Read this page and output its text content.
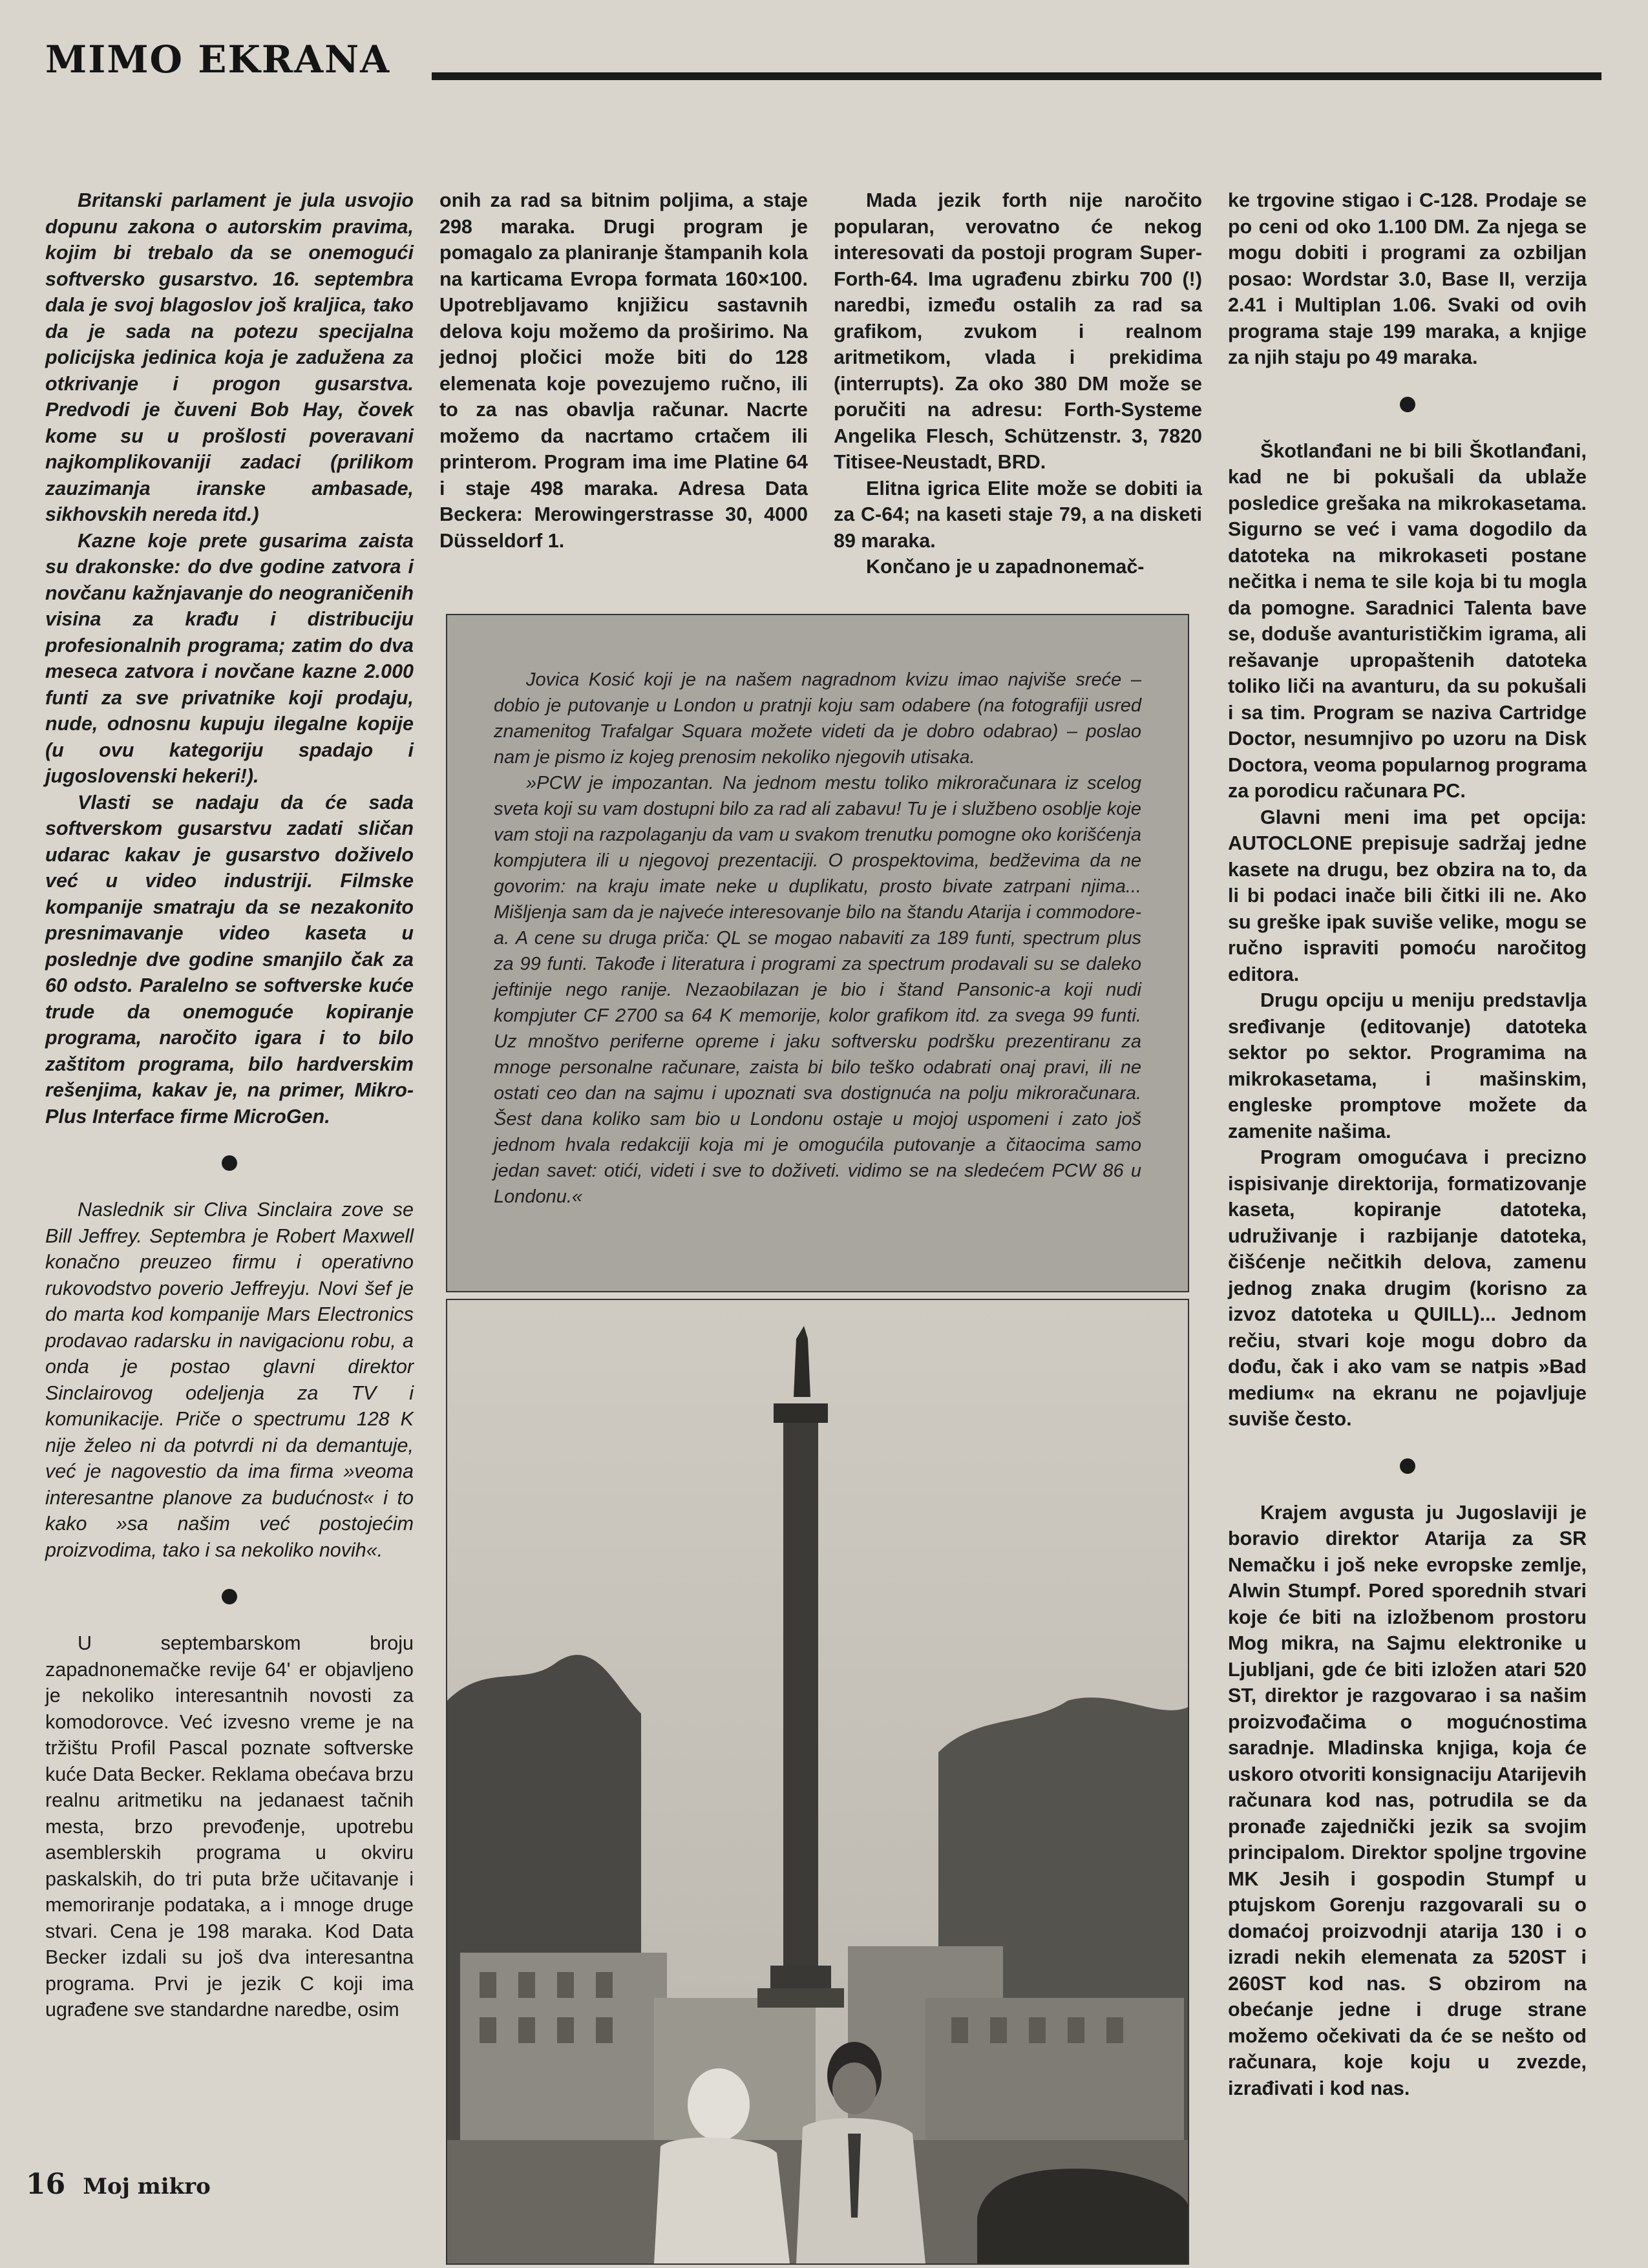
MIMO EKRANA

Britanski parlament je jula usvojio dopunu zakona o autorskim pravima, kojim bi trebalo da se onemogući softversko gusarstvo. 16. septembra dala je svoj blagoslov još kraljica, tako da je sada na potezu specijalna policijska jedinica koja je zadužena za otkrivanje i progon gusarstva. Predvodi je čuveni Bob Hay, čovek kome su u prošlosti poveravani najkomplikovaniji zadaci (prilikom zauzimanja iranske ambasade, sikhovskih nereda itd.)

Kazne koje prete gusarima zaista su drakonske: do dve godine zatvora i novčanu kažnjavanje do neograničenih visina za krađu i distribuciju profesionalnih programa; zatim do dva meseca zatvora i novčane kazne 2.000 funti za sve privatnike koji prodaju, nude, odnosnu kupuju ilegalne kopije (u ovu kategoriju spadajo i jugoslovenski hekeri!).

Vlasti se nadaju da će sada softverskom gusarstvu zadati sličan udarac kakav je gusarstvo doživelo već u video industriji. Filmske kompanije smatraju da se nezakonito presnimavanje video kaseta u poslednje dve godine smanjilo čak za 60 odsto. Paralelno se softverske kuće trude da onemoguće kopiranje programa, naročito igara i to bilo zaštitom programa, bilo hardverskim rešenjima, kakav je, na primer, Mikro-Plus Interface firme MicroGen.

Naslednik sir Cliva Sinclaira zove se Bill Jeffrey. Septembra je Robert Maxwell konačno preuzeo firmu i operativno rukovodstvo poverio Jeffreyju. Novi šef je do marta kod kompanije Mars Electronics prodavao radarsku in navigacionu robu, a onda je postao glavni direktor Sinclairovog odeljenja za TV i komunikacije. Priče o spectrumu 128 K nije želeo ni da potvrdi ni da demantuje, već je nagovestio da ima firma »veoma interesantne planove za budućnost« i to kako »sa našim već postojećim proizvodima, tako i sa nekoliko novih«.

U septembarskom broju zapadnonemačke revije 64' er objavljeno je nekoliko interesantnih novosti za komodorovce. Već izvesno vreme je na tržištu Profil Pascal poznate softverske kuće Data Becker. Reklama obećava brzu realnu aritmetiku na jedanaest tačnih mesta, brzo prevođenje, upotrebu asemblerskih programa u okviru paskalskih, do tri puta brže učitavanje i memoriranje podataka, a i mnoge druge stvari. Cena je 198 maraka. Kod Data Becker izdali su još dva interesantna programa. Prvi je jezik C koji ima ugrađene sve standardne naredbe, osim

onih za rad sa bitnim poljima, a staje 298 maraka. Drugi program je pomagalo za planiranje štampanih kola na karticama Evropa formata 160×100. Upotrebljavamo knjižicu sastavnih delova koju možemo da proširimo. Na jednoj pločici može biti do 128 elemenata koje povezujemo ručno, ili to za nas obavlja računar. Nacrte možemo da nacrtamo crtačem ili printerom. Program ima ime Platine 64 i staje 498 maraka. Adresa Data Beckera: Merowingerstrasse 30, 4000 Düsseldorf 1.

Mada jezik forth nije naročito popularan, verovatno će nekog interesovati da postoji program Super-Forth-64. Ima ugrađenu zbirku 700 (!) naredbi, između ostalih za rad sa grafikom, zvukom i realnom aritmetikom, vlada i prekidima (interrupts). Za oko 380 DM može se poručiti na adresu: Forth-Systeme Angelika Flesch, Schützenstr. 3, 7820 Titisee-Neustadt, BRD.

Elitna igrica Elite može se dobiti ia za C-64; na kaseti staje 79, a na disketi 89 maraka.

Končano je u zapadnonemač-

Jovica Kosić koji je na našem nagradnom kvizu imao najviše sreće – dobio je putovanje u London u pratnji koju sam odabere (na fotografiji usred znamenitog Trafalgar Squara možete videti da je dobro odabrao) – poslao nam je pismo iz kojeg prenosim nekoliko njegovih utisaka.

»PCW je impozantan. Na jednom mestu toliko mikroračunara iz scelog sveta koji su vam dostupni bilo za rad ali zabavu! Tu je i službeno osoblje koje vam stoji na razpolaganju da vam u svakom trenutku pomogne oko korišćenja kompjutera ili u njegovoj prezentaciji. O prospektovima, bedževima da ne govorim: na kraju imate neke u duplikatu, prosto bivate zatrpani njima... Mišljenja sam da je najveće interesovanje bilo na štandu Atarija i commodore-a. A cene su druga priča: QL se mogao nabaviti za 189 funti, spectrum plus za 99 funti. Takođe i literatura i programi za spectrum prodavali su se daleko jeftinije nego ranije. Nezaobilazan je bio i štand Pansonic-a koji nudi kompjuter CF 2700 sa 64 K memorije, kolor grafikom itd. za svega 99 funti. Uz mnoštvo periferne opreme i jaku softversku podršku prezentiranu za mnoge personalne računare, zaista bi bilo teško odabrati onaj pravi, ili ne ostati ceo dan na sajmu i upoznati sva dostignuća na polju mikroračunara. Šest dana koliko sam bio u Londonu ostaje u mojoj uspomeni i zato još jednom hvala redakciji koja mi je omogućila putovanje a čitaocima samo jedan savet: otići, videti i sve to doživeti. vidimo se na sledećem PCW 86 u Londonu.«

ke trgovine stigao i C-128. Prodaje se po ceni od oko 1.100 DM. Za njega se mogu dobiti i programi za ozbiljan posao: Wordstar 3.0, Base II, verzija 2.41 i Multiplan 1.06. Svaki od ovih programa staje 199 maraka, a knjige za njih staju po 49 maraka.

Škotlanđani ne bi bili Škotlanđani, kad ne bi pokušali da ublaže posledice grešaka na mikrokasetama. Sigurno se već i vama dogodilo da datoteka na mikrokaseti postane nečitka i nema te sile koja bi tu mogla da pomogne. Saradnici Talenta bave se, doduše avanturističkim igrama, ali rešavanje upropaštenih datoteka toliko liči na avanturu, da su pokušali i sa tim. Program se naziva Cartridge Doctor, nesumnjivo po uzoru na Disk Doctora, veoma popularnog programa za porodicu računara PC.

Glavni meni ima pet opcija: AUTOCLONE prepisuje sadržaj jedne kasete na drugu, bez obzira na to, da li bi podaci inače bili čitki ili ne. Ako su greške ipak suviše velike, mogu se ručno ispraviti pomoću naročitog editora.

Drugu opciju u meniju predstavlja sređivanje (editovanje) datoteka sektor po sektor. Programima na mikrokasetama, i mašinskim, engleske promptove možete da zamenite našima.

Program omogućava i precizno ispisivanje direktorija, formatizovanje kaseta, kopiranje datoteka, udruživanje i razbijanje datoteka, čišćenje nečitkih delova, zamenu jednog znaka drugim (korisno za izvoz datoteka u QUILL)... Jednom rečiu, stvari koje mogu dobro da dođu, čak i ako vam se natpis »Bad medium« na ekranu ne pojavljuje suviše često.

Krajem avgusta ju Jugoslaviji je boravio direktor Atarija za SR Nemačku i još neke evropske zemlje, Alwin Stumpf. Pored sporednih stvari koje će biti na izložbenom prostoru Mog mikra, na Sajmu elektronike u Ljubljani, gde će biti izložen atari 520 ST, direktor je razgovarao i sa našim proizvođačima o mogućnostima saradnje. Mladinska knjiga, koja će uskoro otvoriti konsignaciju Atarijevih računara kod nas, potrudila se da pronađe zajednički jezik sa svojim principalom. Direktor spoljne trgovine MK Jesih i gospodin Stumpf u ptujskom Gorenju razgovarali su o domaćoj proizvodnji atarija 130 i o izradi nekih elemenata za 520ST i 260ST kod nas. S obzirom na obećanje jedne i druge strane možemo očekivati da će se nešto od računara, koje koju u zvezde, izrađivati i kod nas.

16 Moj mikro
